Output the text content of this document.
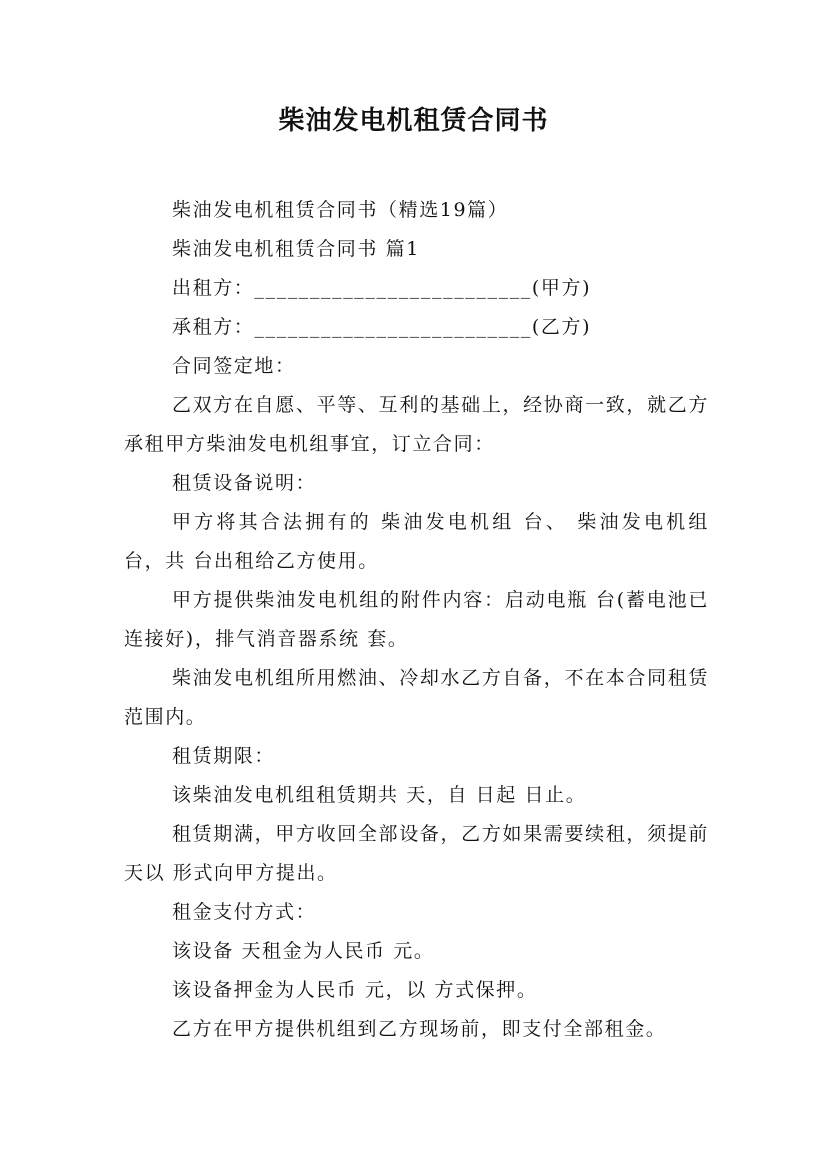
柴油发电机租赁合同书

柴油发电机租赁合同书（精选19篇）

柴油发电机租赁合同书 篇1

出租方：_________________________(甲方)

承租方：_________________________(乙方)

合同签定地：

乙双方在自愿、平等、互利的基础上，经协商一致，就乙方承租甲方柴油发电机组事宜，订立合同：

租赁设备说明：

甲方将其合法拥有的 柴油发电机组 台、 柴油发电机组 台，共 台出租给乙方使用。

甲方提供柴油发电机组的附件内容：启动电瓶 台(蓄电池已连接好)，排气消音器系统 套。

柴油发电机组所用燃油、冷却水乙方自备，不在本合同租赁范围内。

租赁期限：

该柴油发电机组租赁期共 天，自 日起 日止。

租赁期满，甲方收回全部设备，乙方如果需要续租，须提前 天以 形式向甲方提出。

租金支付方式：

该设备 天租金为人民币 元。

该设备押金为人民币 元，以 方式保押。

乙方在甲方提供机组到乙方现场前，即支付全部租金。
